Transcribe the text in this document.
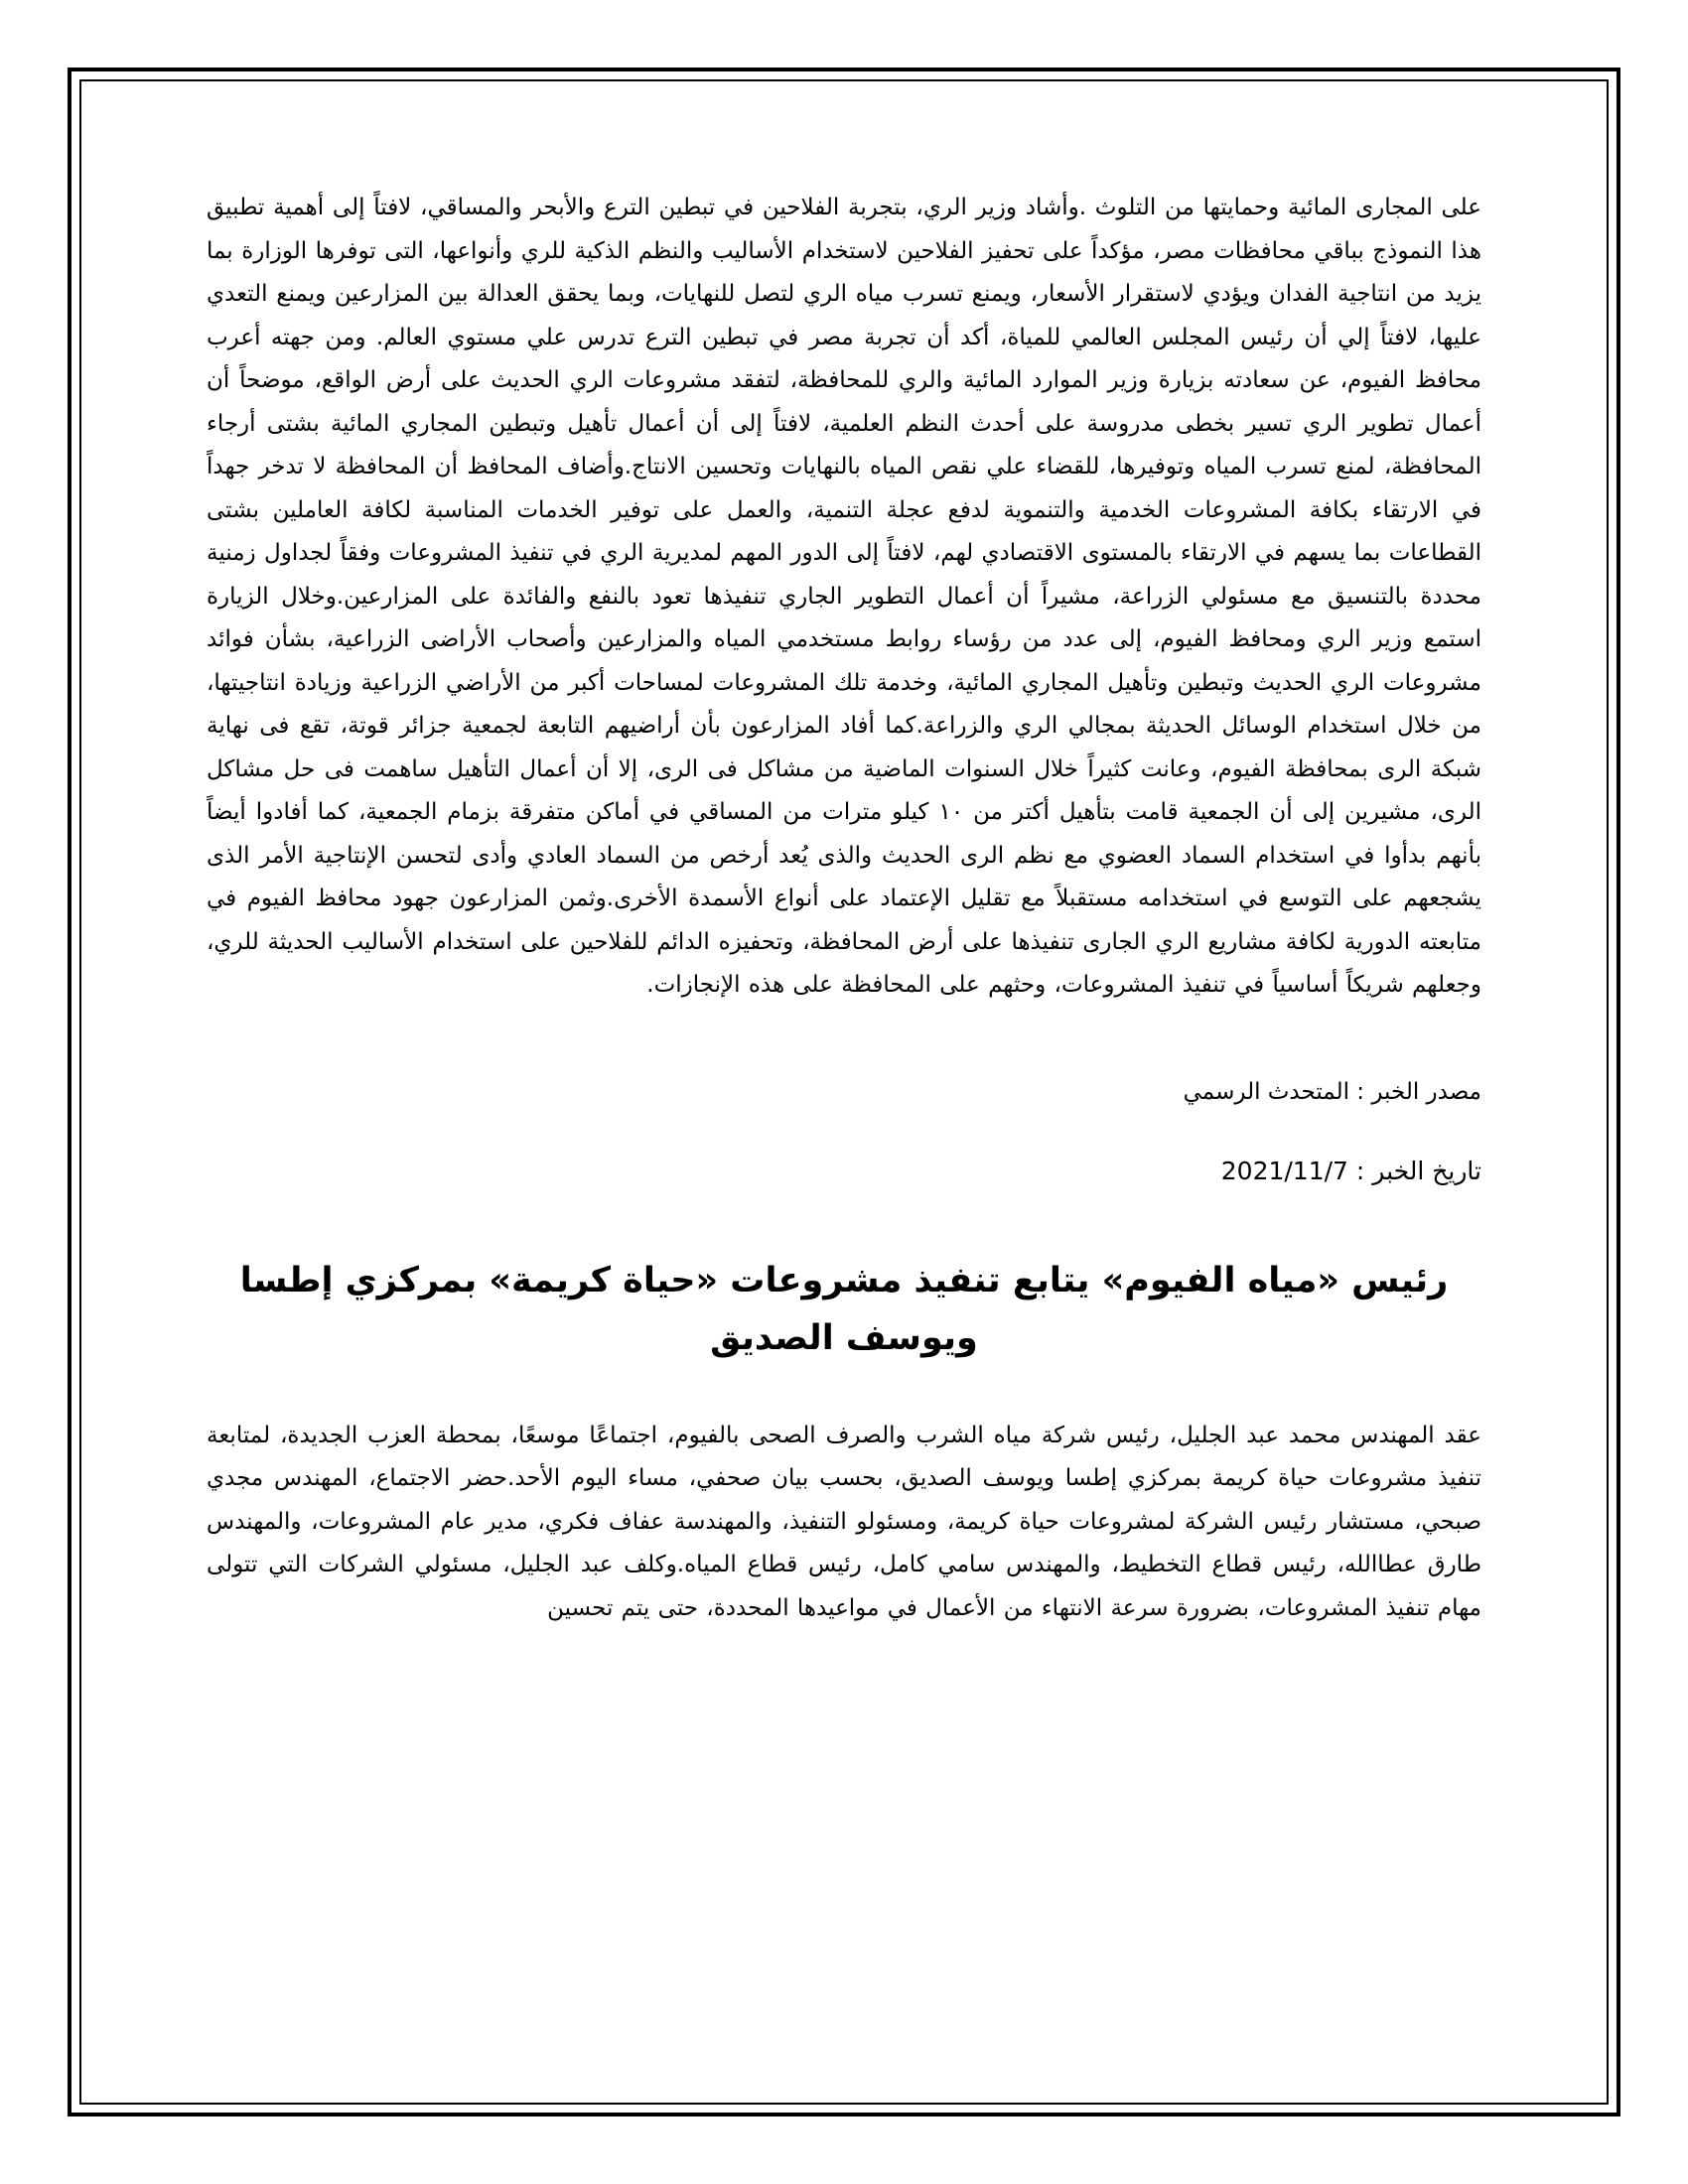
على المجارى المائية وحمايتها من التلوث .وأشاد وزير الري، بتجربة الفلاحين في تبطين الترع والأبحر والمساقي، لافتاً إلى أهمية تطبيق هذا النموذج بباقي محافظات مصر، مؤكداً على تحفيز الفلاحين لاستخدام الأساليب والنظم الذكية للري وأنواعها، التى توفرها الوزارة بما يزيد من انتاجية الفدان ويؤدي لاستقرار الأسعار، ويمنع تسرب مياه الري لتصل للنهايات، وبما يحقق العدالة بين المزارعين ويمنع التعدي عليها، لافتاً إلي أن رئيس المجلس العالمي للمياة، أكد أن تجربة مصر في تبطين الترع تدرس علي مستوي العالم. ومن جهته أعرب محافظ الفيوم، عن سعادته بزيارة وزير الموارد المائية والري للمحافظة، لتفقد مشروعات الري الحديث على أرض الواقع، موضحاً أن أعمال تطوير الري تسير بخطى مدروسة على أحدث النظم العلمية، لافتاً إلى أن أعمال تأهيل وتبطين المجاري المائية بشتى أرجاء المحافظة، لمنع تسرب المياه وتوفيرها، للقضاء علي نقص المياه بالنهايات وتحسين الانتاج.وأضاف المحافظ أن المحافظة لا تدخر جهداً في الارتقاء بكافة المشروعات الخدمية والتنموية لدفع عجلة التنمية، والعمل على توفير الخدمات المناسبة لكافة العاملين بشتى القطاعات بما يسهم في الارتقاء بالمستوى الاقتصادي لهم، لافتاً إلى الدور المهم لمديرية الري في تنفيذ المشروعات وفقاً لجداول زمنية محددة بالتنسيق مع مسئولي الزراعة، مشيراً أن أعمال التطوير الجاري تنفيذها تعود بالنفع والفائدة على المزارعين.وخلال الزيارة استمع وزير الري ومحافظ الفيوم، إلى عدد من رؤساء روابط مستخدمي المياه والمزارعين وأصحاب الأراضى الزراعية، بشأن فوائد مشروعات الري الحديث وتبطين وتأهيل المجاري المائية، وخدمة تلك المشروعات لمساحات أكبر من الأراضي الزراعية وزيادة انتاجيتها، من خلال استخدام الوسائل الحديثة بمجالي الري والزراعة.كما أفاد المزارعون بأن أراضيهم التابعة لجمعية جزائر قوتة، تقع فى نهاية شبكة الرى بمحافظة الفيوم، وعانت كثيراً خلال السنوات الماضية من مشاكل فى الرى، إلا أن أعمال التأهيل ساهمت فى حل مشاكل الرى، مشيرين إلى أن الجمعية قامت بتأهيل أكتر من ١٠ كيلو مترات من المساقي في أماكن متفرقة بزمام الجمعية، كما أفادوا أيضاً بأنهم بدأوا في استخدام السماد العضوي مع نظم الرى الحديث والذى يُعد أرخص من السماد العادي وأدى لتحسن الإنتاجية الأمر الذى يشجعهم على التوسع في استخدامه مستقبلاً مع تقليل الإعتماد على أنواع الأسمدة الأخرى.وثمن المزارعون جهود محافظ الفيوم في متابعته الدورية لكافة مشاريع الري الجارى تنفيذها على أرض المحافظة، وتحفيزه الدائم للفلاحين على استخدام الأساليب الحديثة للري، وجعلهم شريكاً أساسياً في تنفيذ المشروعات، وحثهم على المحافظة على هذه الإنجازات.

مصدر الخبر : المتحدث الرسمي

تاريخ الخبر : 2021/11/7

رئيس «مياه الفيوم» يتابع تنفيذ مشروعات «حياة كريمة» بمركزي إطسا ويوسف الصديق

عقد المهندس محمد عبد الجليل، رئيس شركة مياه الشرب والصرف الصحى بالفيوم، اجتماعًا موسعًا، بمحطة العزب الجديدة، لمتابعة تنفيذ مشروعات حياة كريمة بمركزي إطسا ويوسف الصديق، بحسب بيان صحفي، مساء اليوم الأحد.حضر الاجتماع، المهندس مجدي صبحي، مستشار رئيس الشركة لمشروعات حياة كريمة، ومسئولو التنفيذ، والمهندسة عفاف فكري، مدير عام المشروعات، والمهندس طارق عطاالله، رئيس قطاع التخطيط، والمهندس سامي كامل، رئيس قطاع المياه.وكلف عبد الجليل، مسئولي الشركات التي تتولى مهام تنفيذ المشروعات، بضرورة سرعة الانتهاء من الأعمال في مواعيدها المحددة، حتى يتم تحسين
